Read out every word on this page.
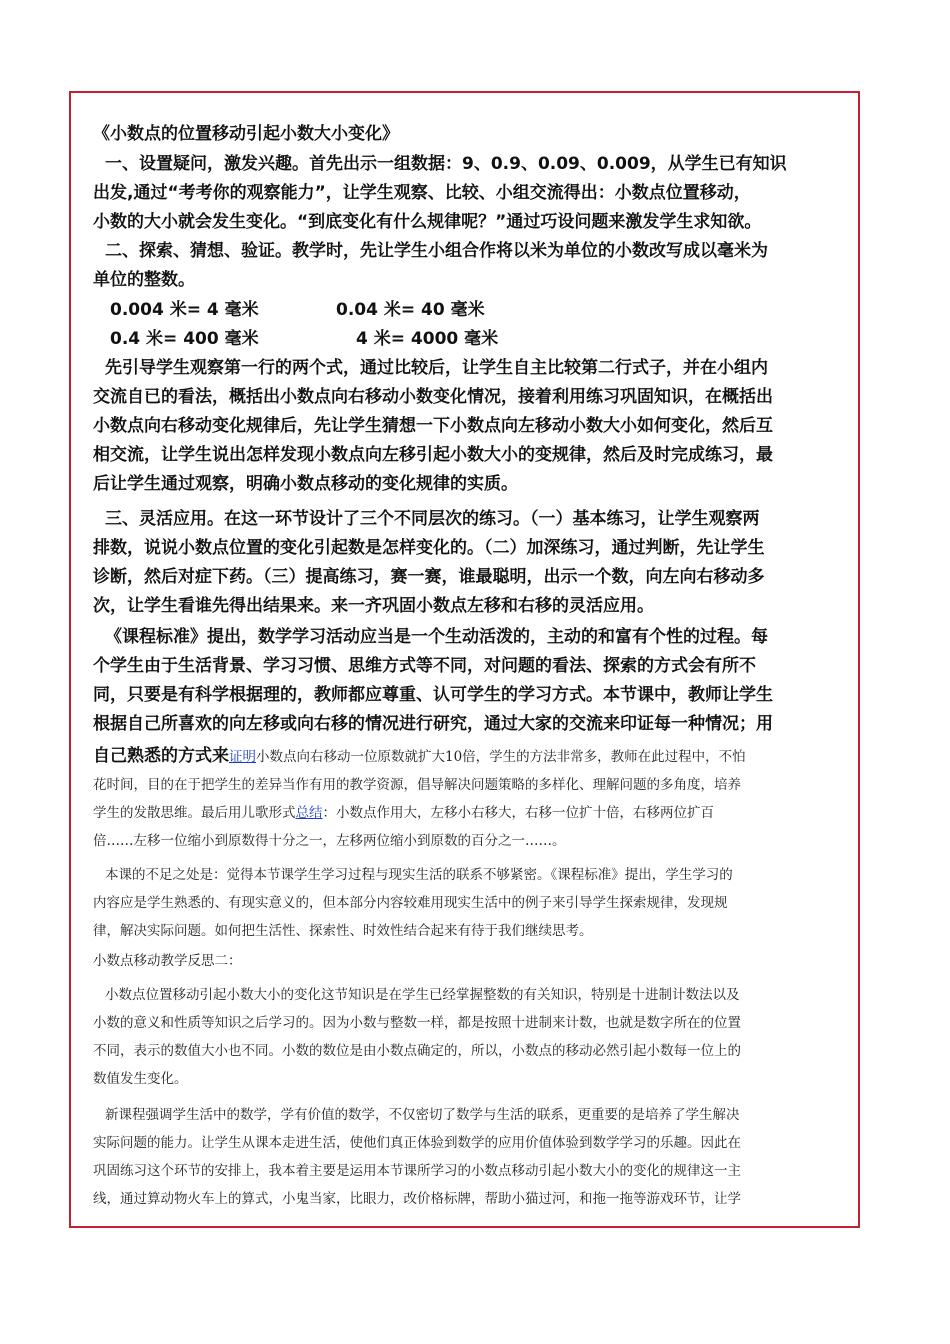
《小数点的位置移动引起小数大小变化》
一、设置疑问，激发兴趣。首先出示一组数据：9、0.9、0.09、0.009，从学生已有知识
出发,通过“考考你的观察能力”，让学生观察、比较、小组交流得出：小数点位置移动，
小数的大小就会发生变化。“到底变化有什么规律呢？”通过巧设问题来激发学生求知欲。
二、探索、猜想、验证。教学时，先让学生小组合作将以米为单位的小数改写成以毫米为
单位的整数。
0.004 米= 4 毫米	0.04 米= 40 毫米
0.4 米= 400 毫米	4 米= 4000 毫米
先引导学生观察第一行的两个式，通过比较后，让学生自主比较第二行式子，并在小组内
交流自已的看法，概括出小数点向右移动小数变化情况，接着利用练习巩固知识，在概括出
小数点向右移动变化规律后，先让学生猜想一下小数点向左移动小数大小如何变化，然后互
相交流，让学生说出怎样发现小数点向左移引起小数大小的变规律，然后及时完成练习，最
后让学生通过观察，明确小数点移动的变化规律的实质。
三、灵活应用。在这一环节设计了三个不同层次的练习。（一）基本练习，让学生观察两
排数，说说小数点位置的变化引起数是怎样变化的。（二）加深练习，通过判断，先让学生
诊断，然后对症下药。（三）提高练习，赛一赛，谁最聪明，出示一个数，向左向右移动多
次，让学生看谁先得出结果来。来一齐巩固小数点左移和右移的灵活应用。
《课程标准》提出，数学学习活动应当是一个生动活泼的，主动的和富有个性的过程。每
个学生由于生活背景、学习习惯、思维方式等不同，对问题的看法、探索的方式会有所不
同，只要是有科学根据理的，教师都应尊重、认可学生的学习方式。本节课中，教师让学生
根据自己所喜欢的向左移或向右移的情况进行研究，通过大家的交流来印证每一种情况；用
自己熟悉的方式来证明小数点向右移动一位原数就扩大10倍，学生的方法非常多，教师在此过程中，不怕
花时间，目的在于把学生的差异当作有用的教学资源，倡导解决问题策略的多样化、理解问题的多角度，培养
学生的发散思维。最后用儿歌形式总结：小数点作用大，左移小右移大，右移一位扩十倍，右移两位扩百
倍……左移一位缩小到原数得十分之一，左移两位缩小到原数的百分之一……。
本课的不足之处是：觉得本节课学生学习过程与现实生活的联系不够紧密。《课程标准》提出，学生学习的
内容应是学生熟悉的、有现实意义的，但本部分内容较难用现实生活中的例子来引导学生探索规律，发现规
律，解决实际问题。如何把生活性、探索性、时效性结合起来有待于我们继续思考。
小数点移动教学反思二：
小数点位置移动引起小数大小的变化这节知识是在学生已经掌握整数的有关知识，特别是十进制计数法以及
小数的意义和性质等知识之后学习的。因为小数与整数一样，都是按照十进制来计数，也就是数字所在的位置
不同，表示的数值大小也不同。小数的数位是由小数点确定的，所以，小数点的移动必然引起小数每一位上的
数值发生变化。
新课程强调学生活中的数学，学有价值的数学，不仅密切了数学与生活的联系，更重要的是培养了学生解决
实际问题的能力。让学生从课本走进生活，使他们真正体验到数学的应用价值体验到数学学习的乐趣。因此在
巩固练习这个环节的安排上，我本着主要是运用本节课所学习的小数点移动引起小数大小的变化的规律这一主
线，通过算动物火车上的算式，小鬼当家，比眼力，改价格标牌，帮助小猫过河，和拖一拖等游戏环节，让学
